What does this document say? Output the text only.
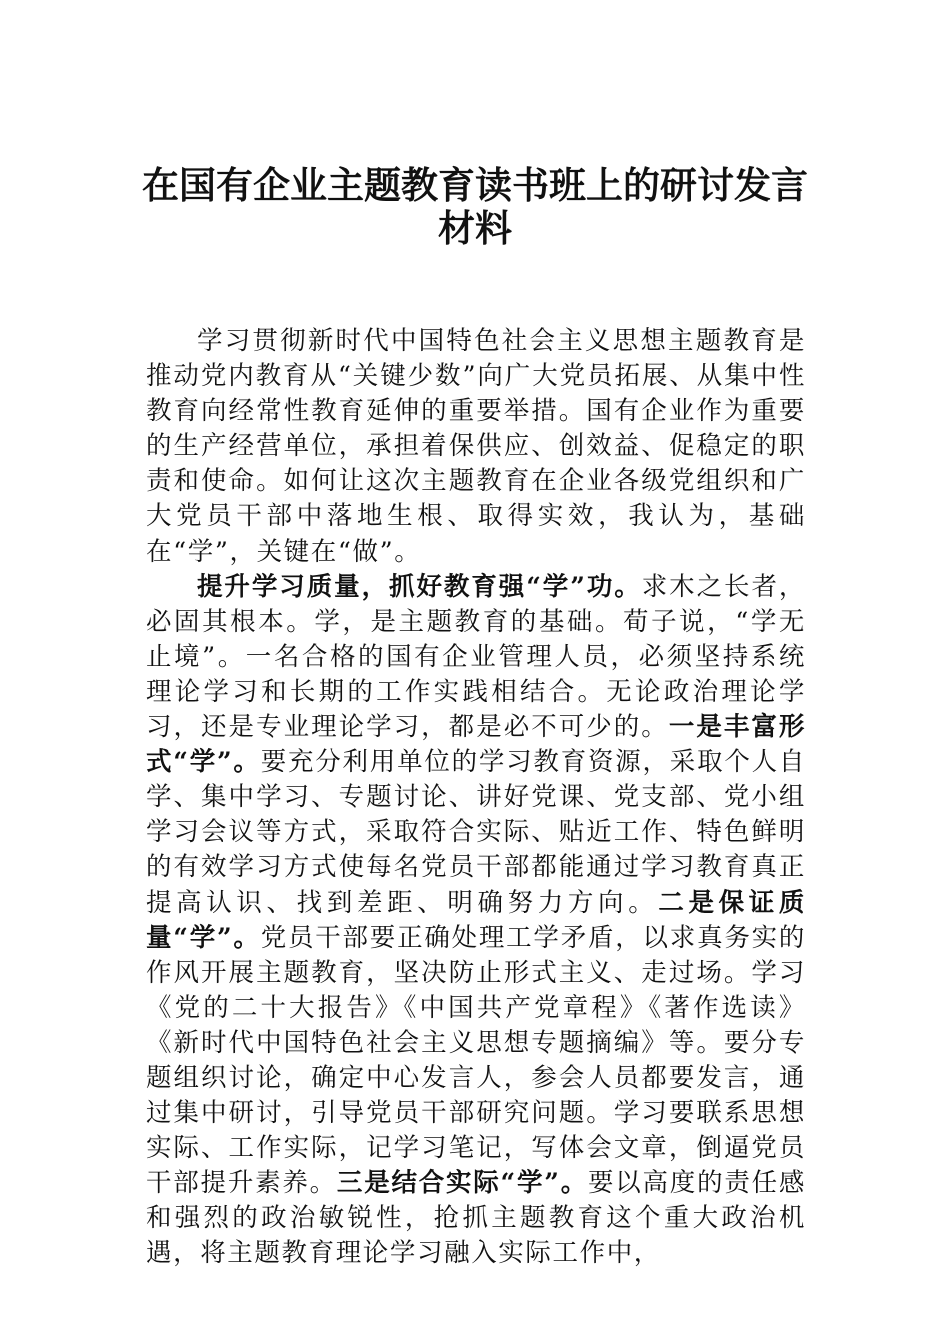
在国有企业主题教育读书班上的研讨发言
材料

学习贯彻新时代中国特色社会主义思想主题教育是推动党内教育从“关键少数”向广大党员拓展、从集中性教育向经常性教育延伸的重要举措。国有企业作为重要的生产经营单位，承担着保供应、创效益、促稳定的职责和使命。如何让这次主题教育在企业各级党组织和广大党员干部中落地生根、取得实效，我认为，基础在“学”，关键在“做”。

提升学习质量，抓好教育强“学”功。求木之长者，必固其根本。学，是主题教育的基础。荀子说，“学无止境”。一名合格的国有企业管理人员，必须坚持系统理论学习和长期的工作实践相结合。无论政治理论学习，还是专业理论学习，都是必不可少的。一是丰富形式“学”。要充分利用单位的学习教育资源，采取个人自学、集中学习、专题讨论、讲好党课、党支部、党小组学习会议等方式，采取符合实际、贴近工作、特色鲜明的有效学习方式使每名党员干部都能通过学习教育真正提高认识、找到差距、明确努力方向。二是保证质量“学”。党员干部要正确处理工学矛盾，以求真务实的作风开展主题教育，坚决防止形式主义、走过场。学习《党的二十大报告》《中国共产党章程》《著作选读》《新时代中国特色社会主义思想专题摘编》等。要分专题组织讨论，确定中心发言人，参会人员都要发言，通过集中研讨，引导党员干部研究问题。学习要联系思想实际、工作实际，记学习笔记，写体会文章，倒逼党员干部提升素养。三是结合实际“学”。要以高度的责任感和强烈的政治敏锐性，抢抓主题教育这个重大政治机遇，将主题教育理论学习融入实际工作中，
